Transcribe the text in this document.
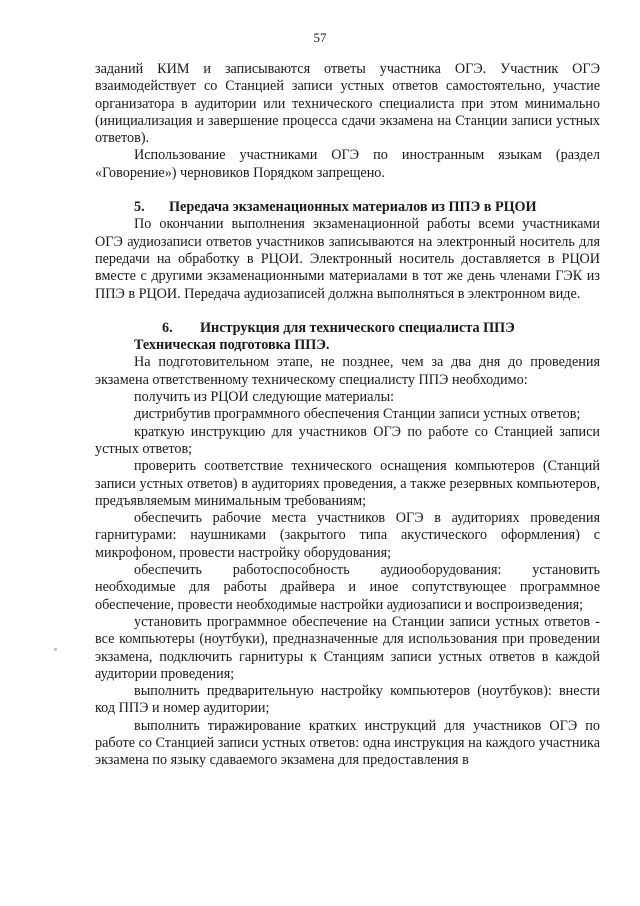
57

заданий КИМ и записываются ответы участника ОГЭ. Участник ОГЭ взаимодействует со Станцией записи устных ответов самостоятельно, участие организатора в аудитории или технического специалиста при этом минимально (инициализация и завершение процесса сдачи экзамена на Станции записи устных ответов).

Использование участниками ОГЭ по иностранным языкам (раздел «Говорение») черновиков Порядком запрещено.

5. Передача экзаменационных материалов из ППЭ в РЦОИ

По окончании выполнения экзаменационной работы всеми участниками ОГЭ аудиозаписи ответов участников записываются на электронный носитель для передачи на обработку в РЦОИ. Электронный носитель доставляется в РЦОИ вместе с другими экзаменационными материалами в тот же день членами ГЭК из ППЭ в РЦОИ. Передача аудиозаписей должна выполняться в электронном виде.

6. Инструкция для технического специалиста ППЭ

Техническая подготовка ППЭ.

На подготовительном этапе, не позднее, чем за два дня до проведения экзамена ответственному техническому специалисту ППЭ необходимо:

получить из РЦОИ следующие материалы:

дистрибутив программного обеспечения Станции записи устных ответов;

краткую инструкцию для участников ОГЭ по работе со Станцией записи устных ответов;

проверить соответствие технического оснащения компьютеров (Станций записи устных ответов) в аудиториях проведения, а также резервных компьютеров, предъявляемым минимальным требованиям;

обеспечить рабочие места участников ОГЭ в аудиториях проведения гарнитурами: наушниками (закрытого типа акустического оформления) с микрофоном, провести настройку оборудования;

обеспечить работоспособность аудиооборудования: установить необходимые для работы драйвера и иное сопутствующее программное обеспечение, провести необходимые настройки аудиозаписи и воспроизведения;

установить программное обеспечение на Станции записи устных ответов - все компьютеры (ноутбуки), предназначенные для использования при проведении экзамена, подключить гарнитуры к Станциям записи устных ответов в каждой аудитории проведения;

выполнить предварительную настройку компьютеров (ноутбуков): внести код ППЭ и номер аудитории;

выполнить тиражирование кратких инструкций для участников ОГЭ по работе со Станцией записи устных ответов: одна инструкция на каждого участника экзамена по языку сдаваемого экзамена для предоставления в
